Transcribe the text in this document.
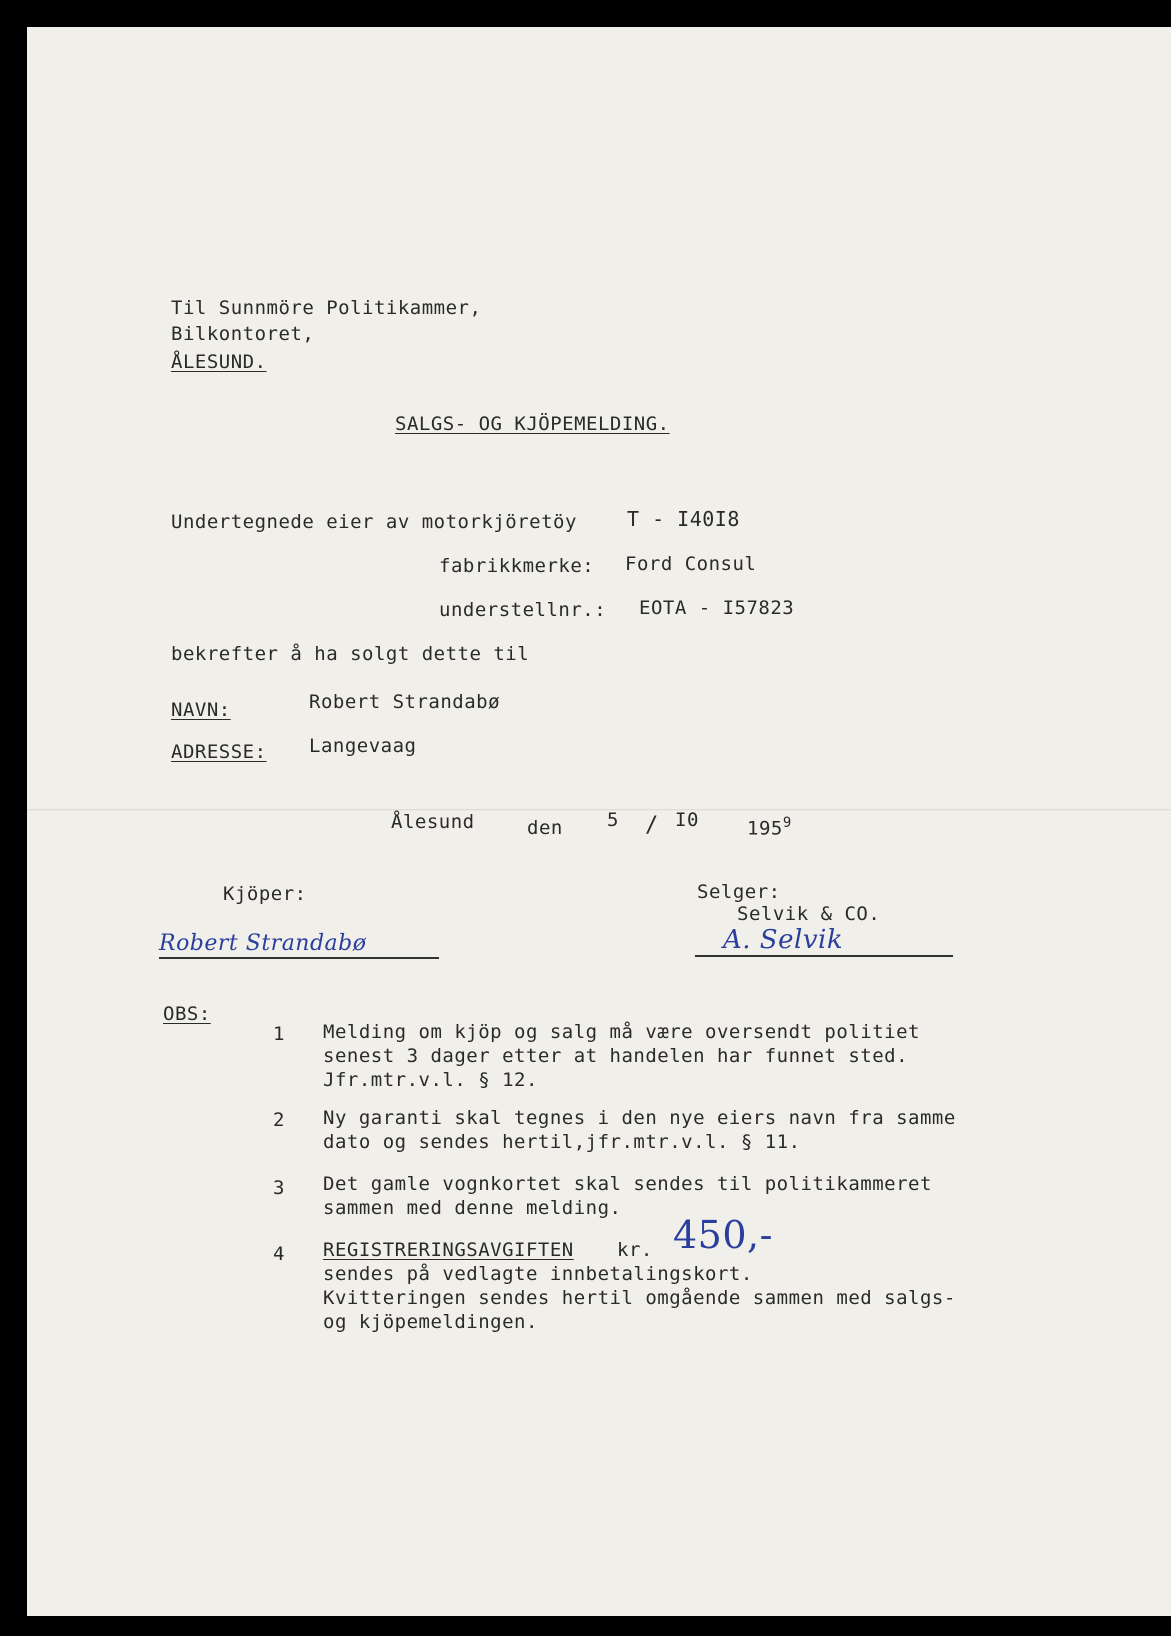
Til Sunnmöre Politikammer,
Bilkontoret,
ÅLESUND.
SALGS- OG KJÖPEMELDING.
Undertegnede eier av motorkjöretöy	T - I40I8
fabrikkmerke: Ford Consul
understellnr.: EOTA - I57823
bekrefter å ha solgt dette til
NAVN:	Robert Strandabø
ADRESSE: Langevaag
Ålesund	den 5 / I0	$195^9$
Kjöper:
Robert Strandabø
Selger:
Selvik & CO.
A. Selvik
OBS:
1 Melding om kjöp og salg må være oversendt politiet
senest 3 dager etter at handelen har funnet sted.
Jfr.mtr.v.l. § 12.
2 Ny garanti skal tegnes i den nye eiers navn fra samme
dato og sendes hertil,jfr.mtr.v.l. § 11.
3 Det gamle vognkortet skal sendes til politikammeret
sammen med denne melding.
4 REGISTRERINGSAVGIFTEN kr. 450,-
sendes på vedlagte innbetalingskort.
Kvitteringen sendes hertil omgående sammen med salgs-
og kjöpemeldingen.
